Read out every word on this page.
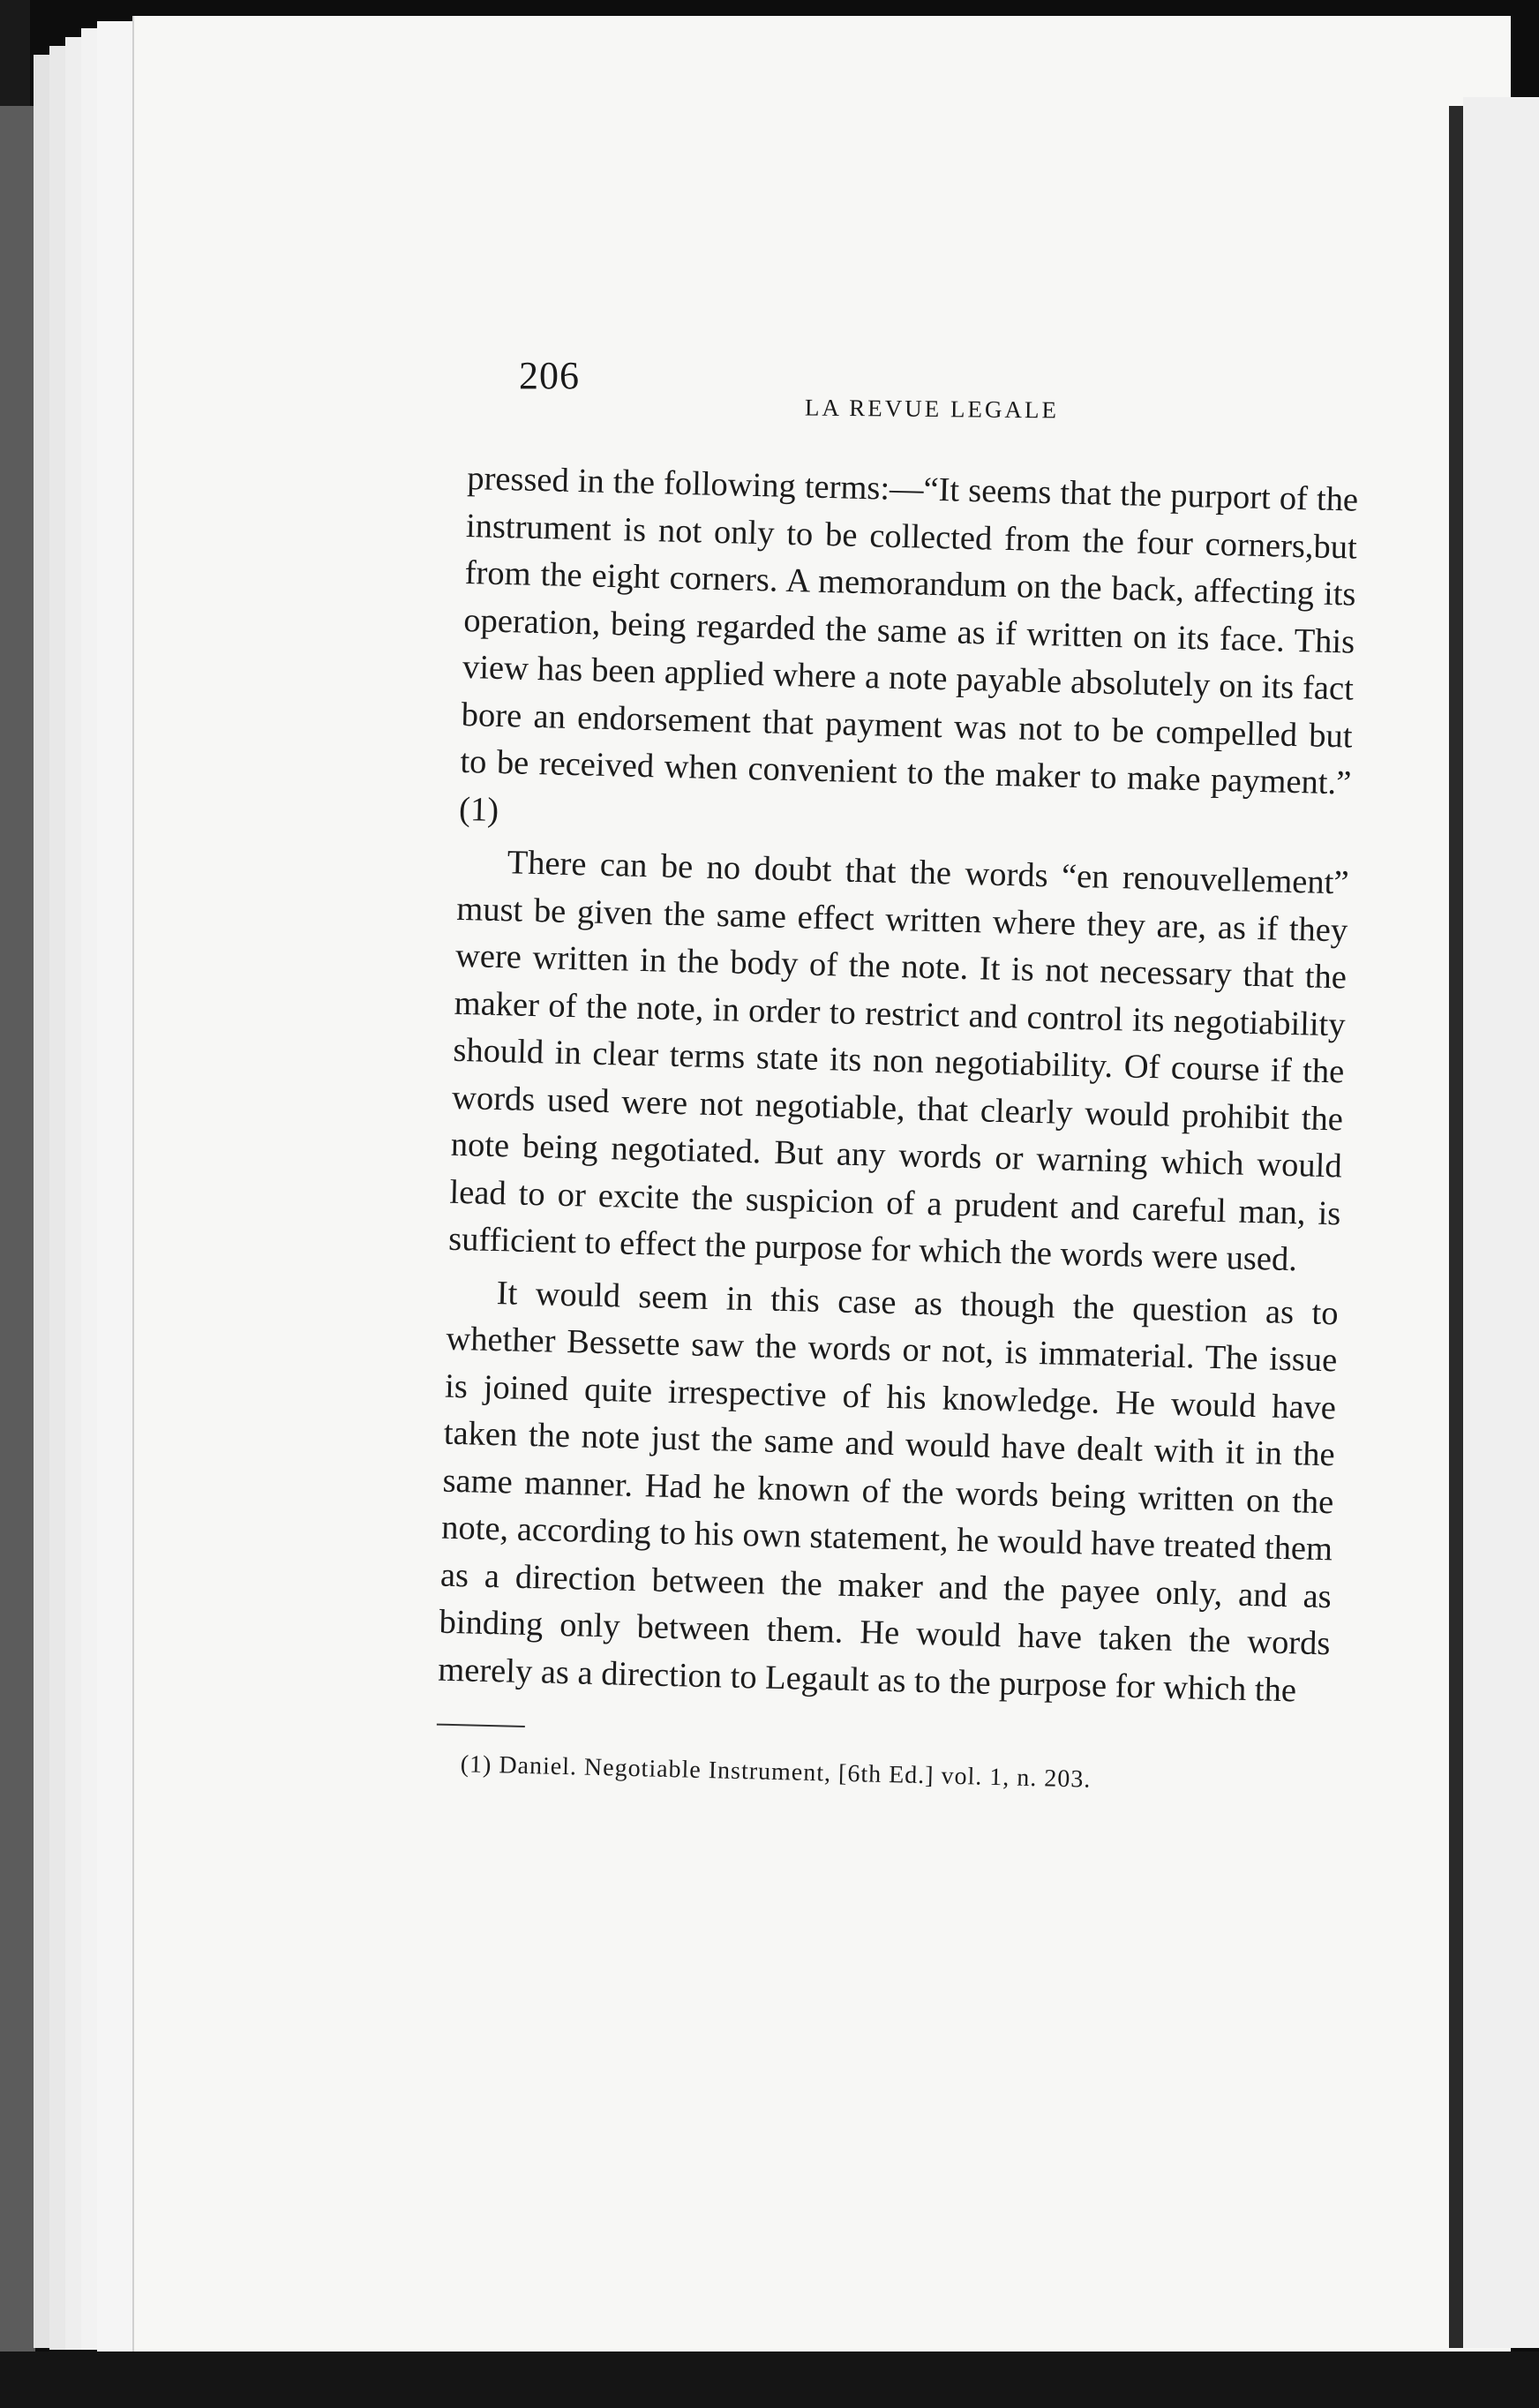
206
LA REVUE LEGALE

pressed in the following terms:—“It seems that the purport of the instrument is not only to be collected from the four corners,but from the eight corners. A memorandum on the back, affecting its operation, being regarded the same as if written on its face. This view has been applied where a note payable absolutely on its fact bore an endorsement that payment was not to be compelled but to be received when convenient to the maker to make payment.” (1)

There can be no doubt that the words “en renouvellement” must be given the same effect written where they are, as if they were written in the body of the note. It is not necessary that the maker of the note, in order to restrict and control its negotiability should in clear terms state its non negotiability. Of course if the words used were not negotiable, that clearly would prohibit the note being negotiated. But any words or warning which would lead to or excite the suspicion of a prudent and careful man, is sufficient to effect the purpose for which the words were used.

It would seem in this case as though the question as to whether Bessette saw the words or not, is immaterial. The issue is joined quite irrespective of his knowledge. He would have taken the note just the same and would have dealt with it in the same manner. Had he known of the words being written on the note, according to his own statement, he would have treated them as a direction between the maker and the payee only, and as binding only between them. He would have taken the words merely as a direction to Legault as to the purpose for which the

(1) Daniel. Negotiable Instrument, [6th Ed.] vol. 1, n. 203.
